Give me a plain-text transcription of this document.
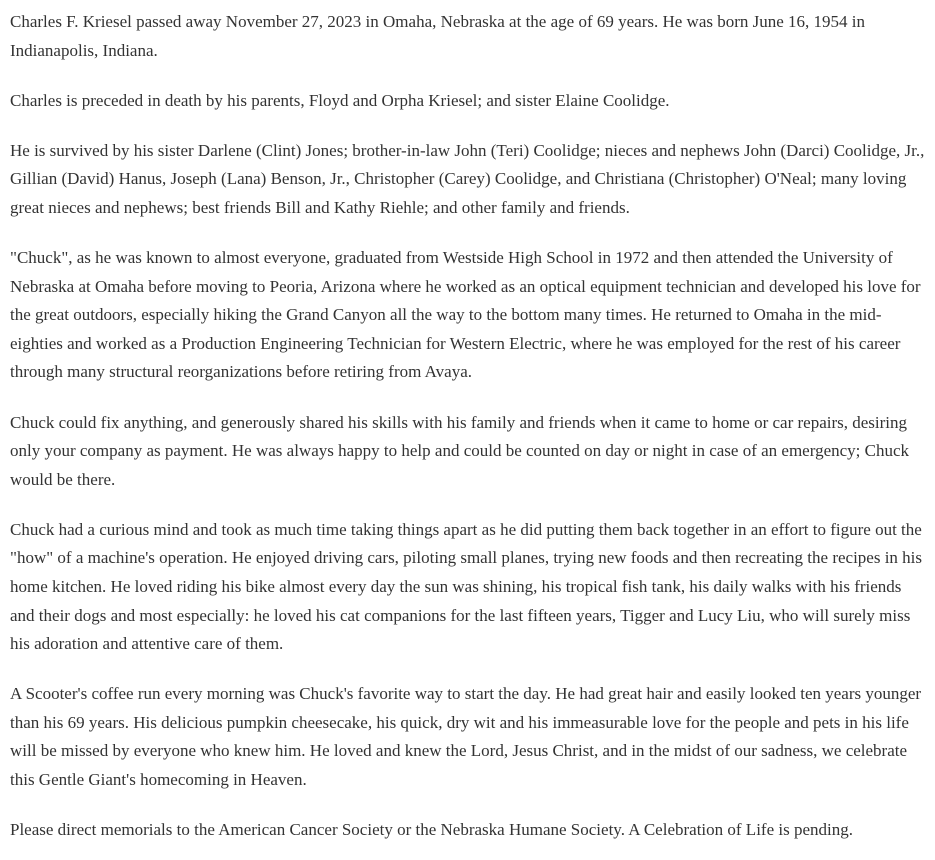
Charles F. Kriesel passed away November 27, 2023 in Omaha, Nebraska at the age of 69 years. He was born June 16, 1954 in Indianapolis, Indiana.

Charles is preceded in death by his parents, Floyd and Orpha Kriesel; and sister Elaine Coolidge.

He is survived by his sister Darlene (Clint) Jones; brother-in-law John (Teri) Coolidge; nieces and nephews John (Darci) Coolidge, Jr., Gillian (David) Hanus, Joseph (Lana) Benson, Jr., Christopher (Carey) Coolidge, and Christiana (Christopher) O'Neal; many loving great nieces and nephews; best friends Bill and Kathy Riehle; and other family and friends.

"Chuck", as he was known to almost everyone, graduated from Westside High School in 1972 and then attended the University of Nebraska at Omaha before moving to Peoria, Arizona where he worked as an optical equipment technician and developed his love for the great outdoors, especially hiking the Grand Canyon all the way to the bottom many times. He returned to Omaha in the mid-eighties and worked as a Production Engineering Technician for Western Electric, where he was employed for the rest of his career through many structural reorganizations before retiring from Avaya.

Chuck could fix anything, and generously shared his skills with his family and friends when it came to home or car repairs, desiring only your company as payment. He was always happy to help and could be counted on day or night in case of an emergency; Chuck would be there.

Chuck had a curious mind and took as much time taking things apart as he did putting them back together in an effort to figure out the "how" of a machine's operation. He enjoyed driving cars, piloting small planes, trying new foods and then recreating the recipes in his home kitchen. He loved riding his bike almost every day the sun was shining, his tropical fish tank, his daily walks with his friends and their dogs and most especially: he loved his cat companions for the last fifteen years, Tigger and Lucy Liu, who will surely miss his adoration and attentive care of them.

A Scooter's coffee run every morning was Chuck's favorite way to start the day. He had great hair and easily looked ten years younger than his 69 years. His delicious pumpkin cheesecake, his quick, dry wit and his immeasurable love for the people and pets in his life will be missed by everyone who knew him. He loved and knew the Lord, Jesus Christ, and in the midst of our sadness, we celebrate this Gentle Giant's homecoming in Heaven.

Please direct memorials to the American Cancer Society or the Nebraska Humane Society. A Celebration of Life is pending.
